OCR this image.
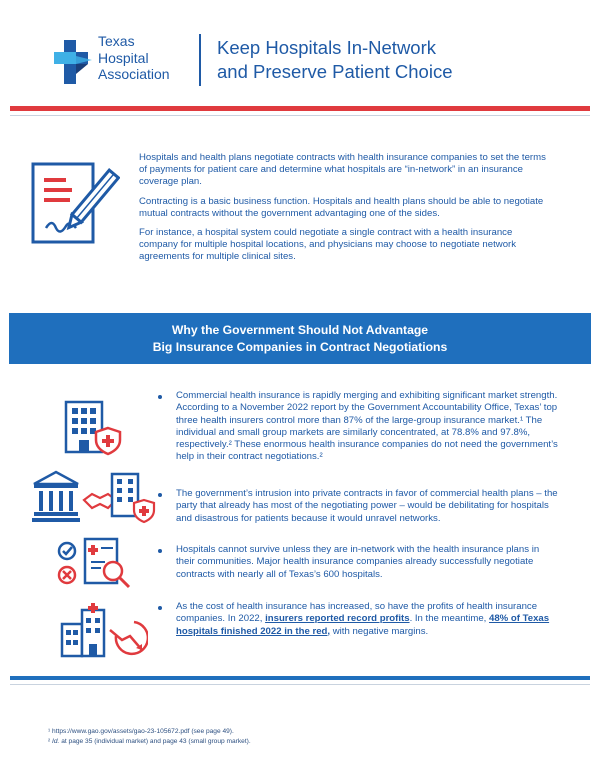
Texas
Hospital
Association
Keep Hospitals In-Network
and Preserve Patient Choice

Hospitals and health plans negotiate contracts with health insurance companies to set the terms of payments for patient care and determine what hospitals are “in-network” in an insurance coverage plan.

Contracting is a basic business function. Hospitals and health plans should be able to negotiate mutual contracts without the government advantaging one of the sides.

For instance, a hospital system could negotiate a single contract with a health insurance company for multiple hospital locations, and physicians may choose to negotiate network agreements for multiple clinical sites.

Why the Government Should Not Advantage
Big Insurance Companies in Contract Negotiations
Commercial health insurance is rapidly merging and exhibiting significant market strength. According to a November 2022 report by the Government Accountability Office, Texas’ top three health insurers control more than 87% of the large-group insurance market.¹ The individual and small group markets are similarly concentrated, at 78.8% and 97.8%, respectively.² These enormous health insurance companies do not need the government’s help in their contract negotiations.²
The government’s intrusion into private contracts in favor of commercial health plans – the party that already has most of the negotiating power – would be debilitating for hospitals and disastrous for patients because it would unravel networks.
Hospitals cannot survive unless they are in-network with the health insurance plans in their communities. Major health insurance companies already successfully negotiate contracts with nearly all of Texas’s 600 hospitals.
As the cost of health insurance has increased, so have the profits of health insurance companies. In 2022, insurers reported record profits. In the meantime, 48% of Texas hospitals finished 2022 in the red, with negative margins.
¹ https://www.gao.gov/assets/gao-23-105672.pdf (see page 49).
² Id. at page 35 (individual market) and page 43 (small group market).
